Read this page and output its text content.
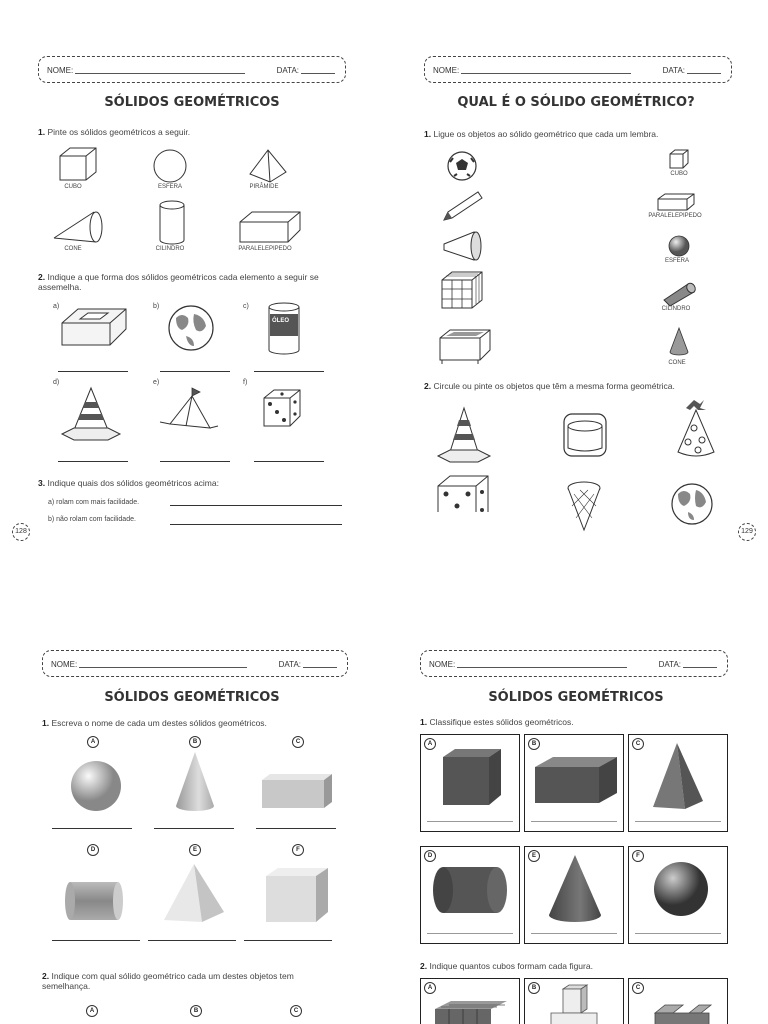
NOME:	DATA:
SÓLIDOS GEOMÉTRICOS
1. Pinte os sólidos geométricos a seguir.
CUBO	ESFERA	PIRÂMIDE
CONE	CILINDRO	PARALELEPIPEDO
2. Indique a que forma dos sólidos geométricos cada elemento a seguir se assemelha.
a)	b)	c)
ÓLEO
d)	e)	f)
3. Indique quais dos sólidos geométricos acima:
a) rolam com mais facilidade.
b) não rolam com facilidade.
128
NOME:	DATA:
QUAL É O SÓLIDO GEOMÉTRICO?
1. Ligue os objetos ao sólido geométrico que cada um lembra.
CUBO
PARALELEPIPEDO
ESFERA
CILINDRO
CONE
2. Circule ou pinte os objetos que têm a mesma forma geométrica.
129
NOME:	DATA:
SÓLIDOS GEOMÉTRICOS
1. Escreva o nome de cada um destes sólidos geométricos.
A	B	C
D	E	F
2. Indique com qual sólido geométrico cada um destes objetos tem semelhança.
A	B	C
NOME:	DATA:
SÓLIDOS GEOMÉTRICOS
1. Classifique estes sólidos geométricos.
A	B	C
D	E	F
2. Indique quantos cubos formam cada figura.
A	B	C
